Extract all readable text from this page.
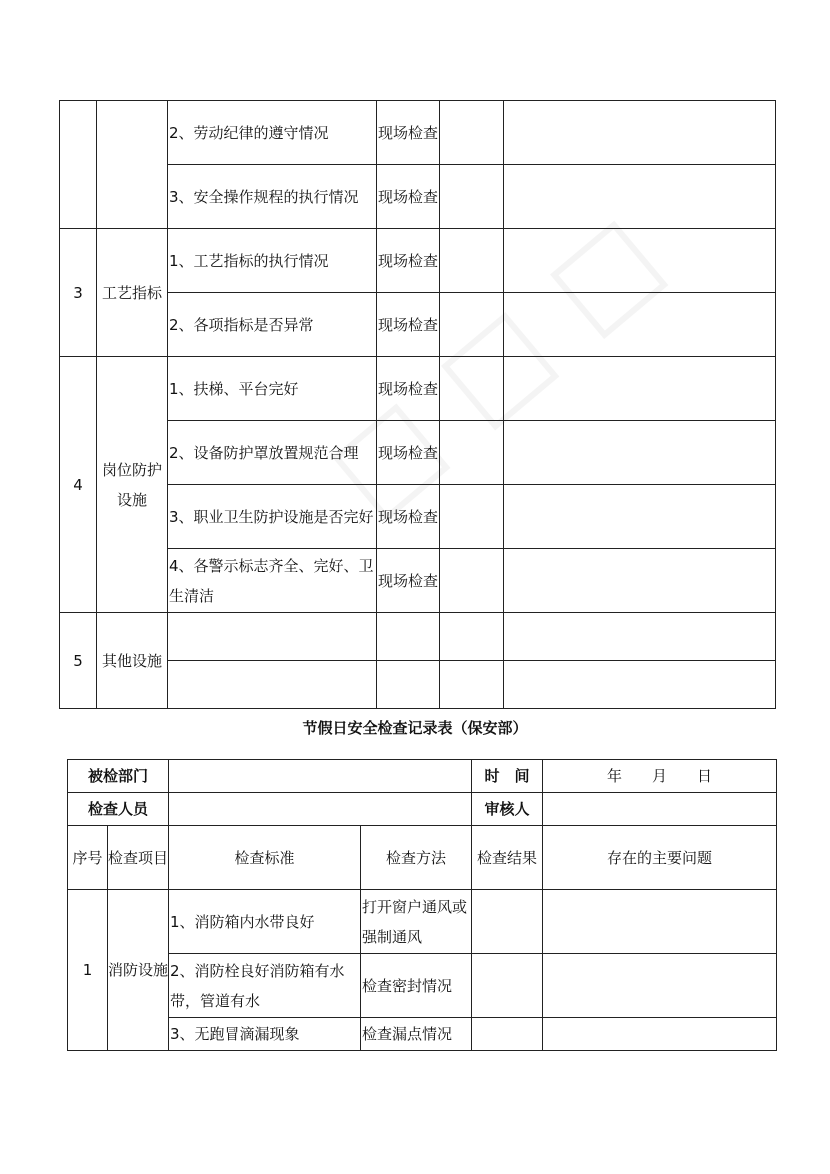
		2、劳动纪律的遵守情况	现场检查		
		3、安全操作规程的执行情况	现场检查		
3	工艺指标	1、工艺指标的执行情况	现场检查		
		2、各项指标是否异常	现场检查		
4	岗位防护设施	1、扶梯、平台完好	现场检查		
		2、设备防护罩放置规范合理	现场检查		
		3、职业卫生防护设施是否完好	现场检查		
		4、各警示标志齐全、完好、卫生清洁	现场检查		
5	其他设施				

节假日安全检查记录表（保安部）
被检部门				时　间	年　　月　　日
检查人员				审核人	
序号	检查项目	检查标准	检查方法	检查结果	存在的主要问题
1	消防设施	1、消防箱内水带良好	打开窗户通风或强制通风		
		2、消防栓良好消防箱有水带，管道有水	检查密封情况		
		3、无跑冒滴漏现象	检查漏点情况		
